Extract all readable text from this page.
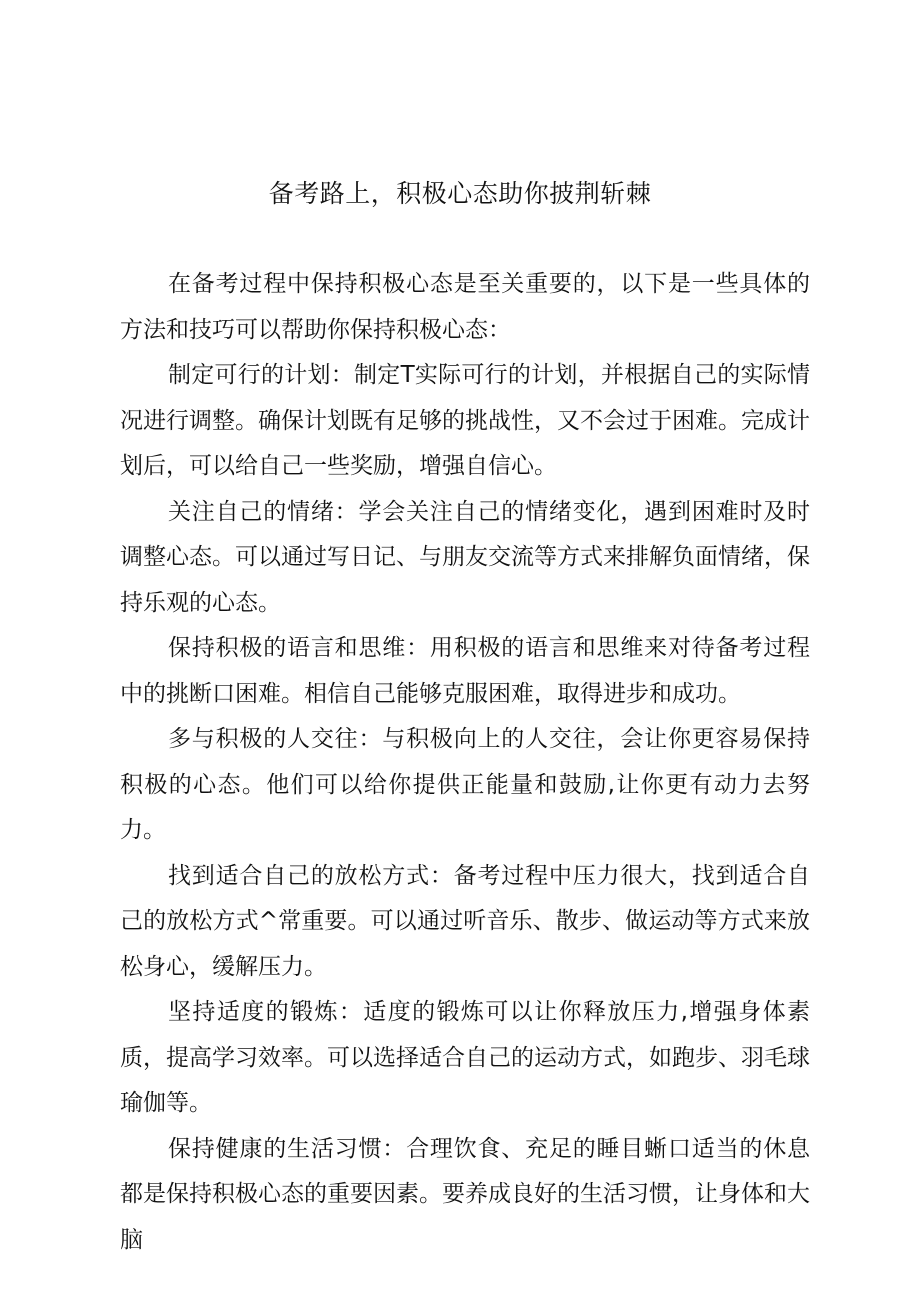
备考路上，积极心态助你披荆斩棘

在备考过程中保持积极心态是至关重要的，以下是一些具体的方法和技巧可以帮助你保持积极心态：

制定可行的计划：制定T实际可行的计划，并根据自己的实际情况进行调整。确保计划既有足够的挑战性，又不会过于困难。完成计划后，可以给自己一些奖励，增强自信心。

关注自己的情绪：学会关注自己的情绪变化，遇到困难时及时调整心态。可以通过写日记、与朋友交流等方式来排解负面情绪，保持乐观的心态。

保持积极的语言和思维：用积极的语言和思维来对待备考过程中的挑断口困难。相信自己能够克服困难，取得进步和成功。

多与积极的人交往：与积极向上的人交往，会让你更容易保持积极的心态。他们可以给你提供正能量和鼓励,让你更有动力去努力。

找到适合自己的放松方式：备考过程中压力很大，找到适合自己的放松方式^常重要。可以通过听音乐、散步、做运动等方式来放松身心，缓解压力。

坚持适度的锻炼：适度的锻炼可以让你释放压力,增强身体素质，提高学习效率。可以选择适合自己的运动方式，如跑步、羽毛球瑜伽等。

保持健康的生活习惯：合理饮食、充足的睡目蜥口适当的休息都是保持积极心态的重要因素。要养成良好的生活习惯，让身体和大脑
